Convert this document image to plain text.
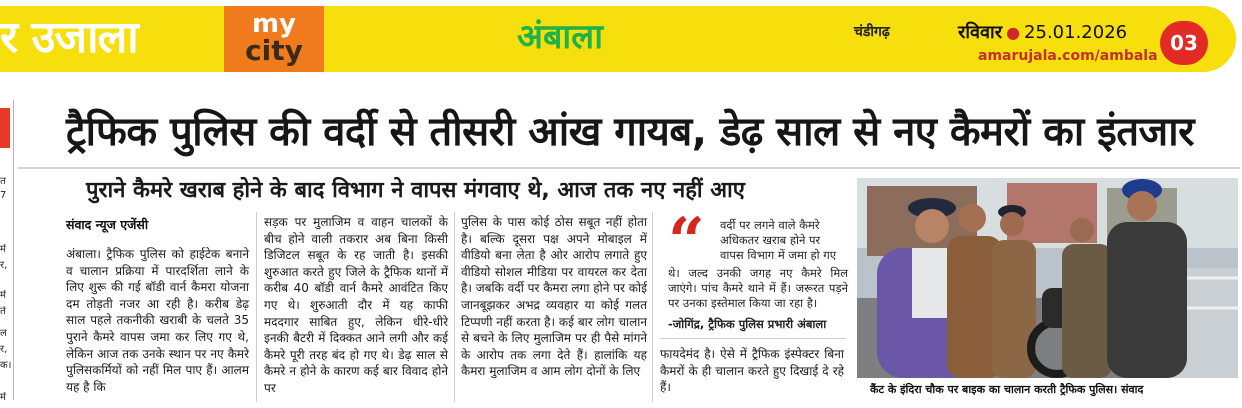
र उजाला	my
city	अंबाला	चंडीगढ़	रविवार ● 25.01.2026
amarujala.com/ambala
03
त
7
में
र,
में
ते
ल
र,
क।
में
ट्रैफिक पुलिस की वर्दी से तीसरी आंख गायब, डेढ़ साल से नए कैमरों का इंतजार
पुराने कैमरे खराब होने के बाद विभाग ने वापस मंगवाए थे, आज तक नए नहीं आए
संवाद न्यूज एजेंसी
अंबाला। ट्रैफिक पुलिस को हाईटेक बनाने व चालान प्रक्रिया में पारदर्शिता लाने के लिए शुरू की गई बॉडी वार्न कैमरा योजना दम तोड़ती नजर आ रही है। करीब डेढ़ साल पहले तकनीकी खराबी के चलते 35 पुराने कैमरे वापस जमा कर लिए गए थे, लेकिन आज तक उनके स्थान पर नए कैमरे पुलिसकर्मियों को नहीं मिल पाए हैं। आलम यह है कि
सड़क पर मुलाजिम व वाहन चालकों के बीच होने वाली तकरार अब बिना किसी डिजिटल सबूत के रह जाती है। इसकी शुरुआत करते हुए जिले के ट्रैफिक थानों में करीब 40 बॉडी वार्न कैमरे आवंटित किए गए थे। शुरुआती दौर में यह काफी मददगार साबित हुए, लेकिन धीरे-धीरे इनकी बैटरी में दिक्कत आने लगी और कई कैमरे पूरी तरह बंद हो गए थे। डेढ़ साल से कैमरे न होने के कारण कई बार विवाद होने पर
पुलिस के पास कोई ठोस सबूत नहीं होता है। बल्कि दूसरा पक्ष अपने मोबाइल में वीडियो बना लेता है ओर आरोप लगाते हुए वीडियो सोशल मीडिया पर वायरल कर देता है। जबकि वर्दी पर कैमरा लगा होने पर कोई जानबूझकर अभद्र व्यवहार या कोई गलत टिप्पणी नहीं करता है। कई बार लोग चालान से बचने के लिए मुलाजिम पर ही पैसे मांगने के आरोप तक लगा देते हैं। हालांकि यह कैमरा मुलाजिम व आम लोग दोनों के लिए
“ वर्दी पर लगने वाले कैमरे अधिकतर खराब होने पर वापस विभाग में जमा हो गए
थे। जल्द उनकी जगह नए कैमरे मिल जाएंगे। पांच कैमरे थाने में हैं। जरूरत पड़ने पर उनका इस्तेमाल किया जा रहा है।
-जोगिंद्र, ट्रैफिक पुलिस प्रभारी अंबाला
फायदेमंद है। ऐसे में ट्रैफिक इंस्पेक्टर बिना कैमरों के ही चालान करते हुए दिखाई दे रहे हैं।	कैंट के इंदिरा चौक पर बाइक का चालान करती ट्रैफिक पुलिस। संवाद
